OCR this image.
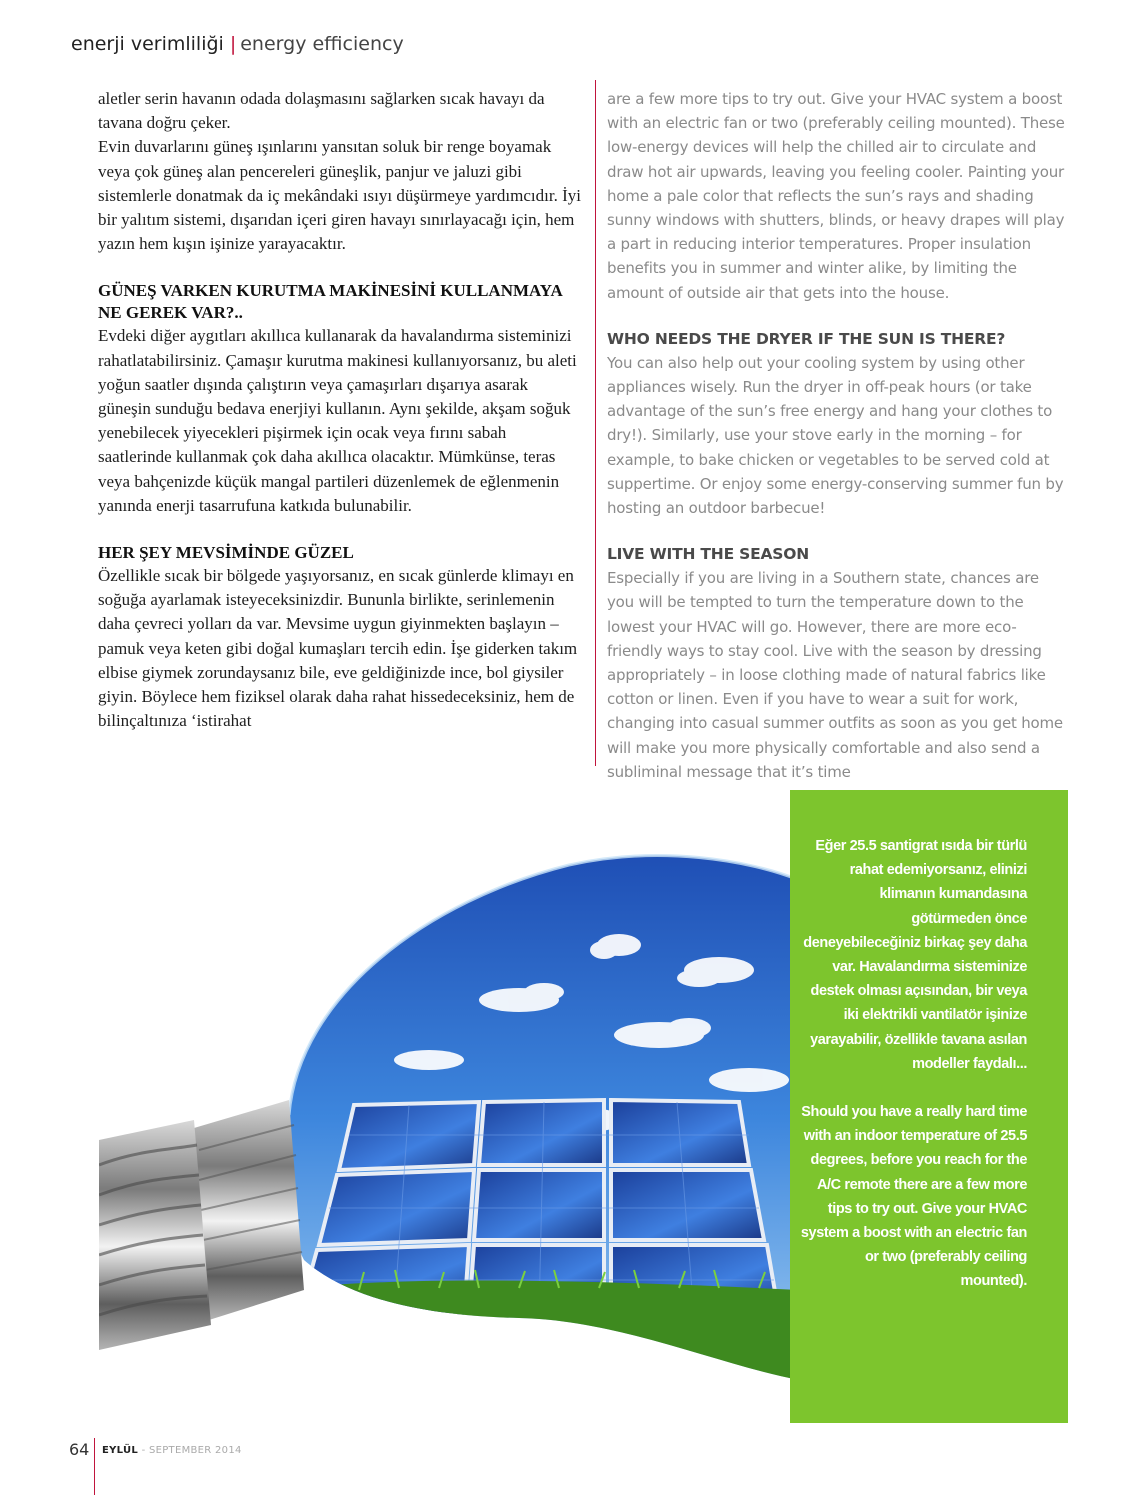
enerji verimliliği | energy efficiency

aletler serin havanın odada dolaşmasını sağlarken sıcak havayı da tavana doğru çeker.

Evin duvarlarını güneş ışınlarını yansıtan soluk bir renge boyamak veya çok güneş alan pencereleri güneşlik, panjur ve jaluzi gibi sistemlerle donatmak da iç mekândaki ısıyı düşürmeye yardımcıdır. İyi bir yalıtım sistemi, dışarıdan içeri giren havayı sınırlayacağı için, hem yazın hem kışın işinize yarayacaktır.

GÜNEŞ VARKEN KURUTMA MAKİNESİNİ KULLANMAYA NE GEREK VAR?..

Evdeki diğer aygıtları akıllıca kullanarak da havalandırma sisteminizi rahatlatabilirsiniz. Çamaşır kurutma makinesi kullanıyorsanız, bu aleti yoğun saatler dışında çalıştırın veya çamaşırları dışarıya asarak güneşin sunduğu bedava enerjiyi kullanın. Aynı şekilde, akşam soğuk yenebilecek yiyecekleri pişirmek için ocak veya fırını sabah saatlerinde kullanmak çok daha akıllıca olacaktır. Mümkünse, teras veya bahçenizde küçük mangal partileri düzenlemek de eğlenmenin yanında enerji tasarrufuna katkıda bulunabilir.

HER ŞEY MEVSİMİNDE GÜZEL

Özellikle sıcak bir bölgede yaşıyorsanız, en sıcak günlerde klimayı en soğuğa ayarlamak isteyeceksinizdir. Bununla birlikte, serinlemenin daha çevreci yolları da var. Mevsime uygun giyinmekten başlayın – pamuk veya keten gibi doğal kumaşları tercih edin. İşe giderken takım elbise giymek zorundaysanız bile, eve geldiğinizde ince, bol giysiler giyin. Böylece hem fiziksel olarak daha rahat hissedeceksiniz, hem de bilinçaltınıza ‘istirahat

are a few more tips to try out. Give your HVAC system a boost with an electric fan or two (preferably ceiling mounted). These low-energy devices will help the chilled air to circulate and draw hot air upwards, leaving you feeling cooler. Painting your home a pale color that reflects the sun’s rays and shading sunny windows with shutters, blinds, or heavy drapes will play a part in reducing interior temperatures. Proper insulation benefits you in summer and winter alike, by limiting the amount of outside air that gets into the house.

WHO NEEDS THE DRYER IF THE SUN IS THERE?

You can also help out your cooling system by using other appliances wisely. Run the dryer in off-peak hours (or take advantage of the sun’s free energy and hang your clothes to dry!). Similarly, use your stove early in the morning – for example, to bake chicken or vegetables to be served cold at suppertime. Or enjoy some energy-conserving summer fun by hosting an outdoor barbecue!

LIVE WITH THE SEASON

Especially if you are living in a Southern state, chances are you will be tempted to turn the temperature down to the lowest your HVAC will go. However, there are more eco-friendly ways to stay cool. Live with the season by dressing appropriately – in loose clothing made of natural fabrics like cotton or linen. Even if you have to wear a suit for work, changing into casual summer outfits as soon as you get home will make you more physically comfortable and also send a subliminal message that it’s time

Eğer 25.5 santigrat ısıda bir türlü rahat edemiyorsanız, elinizi klimanın kumandasına götürmeden önce deneyebileceğiniz birkaç şey daha var. Havalandırma sisteminize destek olması açısından, bir veya iki elektrikli vantilatör işinize yarayabilir, özellikle tavana asılan modeller faydalı...

Should you have a really hard time with an indoor temperature of 25.5 degrees, before you reach for the A/C remote there are a few more tips to try out. Give your HVAC system a boost with an electric fan or two (preferably ceiling mounted).

64 EYLÜL - SEPTEMBER 2014
